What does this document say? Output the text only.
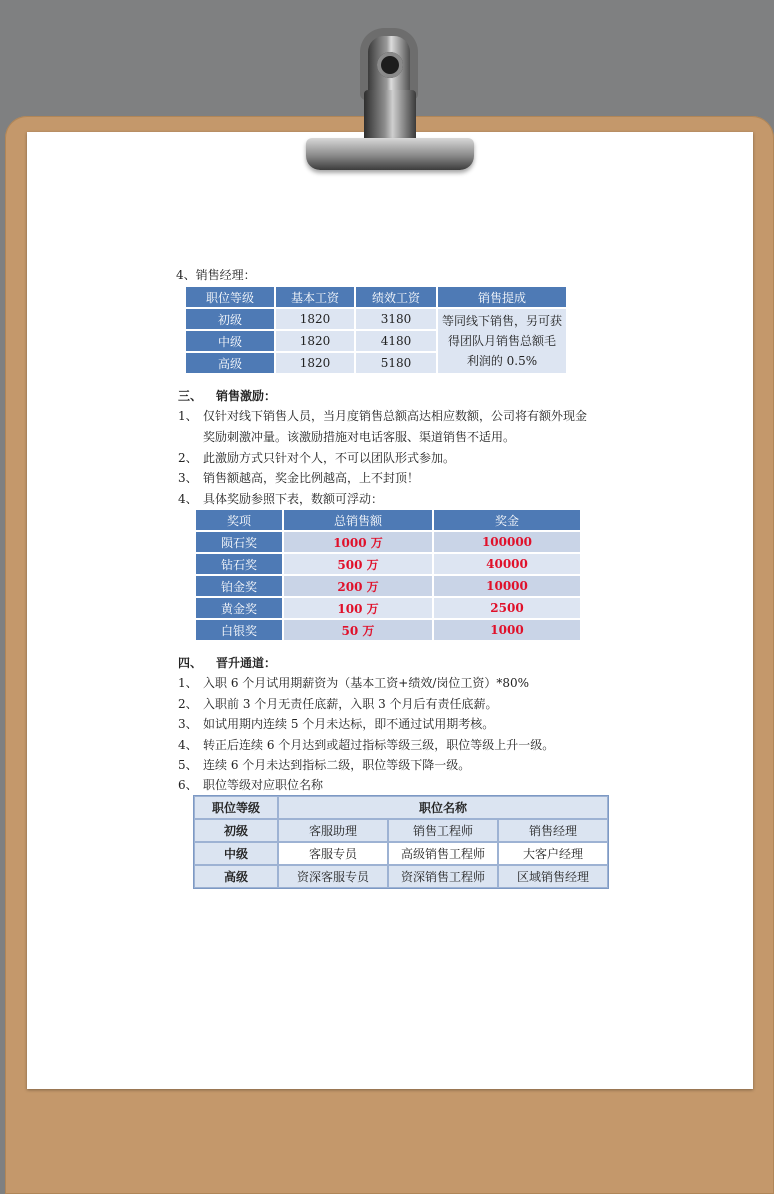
4、销售经理：
职位等级	基本工资	绩效工资	销售提成
初级	1820	3180	等同线下销售，另可获
得团队月销售总额毛
利润的 0.5%

中级	1820	4180	
高级	1820	5180	
三、 销售激励：
1、 仅针对线下销售人员，当月度销售总额高达相应数额，公司将有额外现金
奖励刺激冲量。该激励措施对电话客服、渠道销售不适用。
2、 此激励方式只针对个人，不可以团队形式参加。
3、 销售额越高，奖金比例越高，上不封顶！
4、 具体奖励参照下表，数额可浮动：
奖项	总销售额	奖金
陨石奖	1000 万	100000
钻石奖	500 万	40000
铂金奖	200 万	10000
黄金奖	100 万	2500
白银奖	50 万	1000
四、 晋升通道：
1、 入职 6 个月试用期薪资为（基本工资+绩效/岗位工资）*80%
2、 入职前 3 个月无责任底薪，入职 3 个月后有责任底薪。
3、 如试用期内连续 5 个月未达标，即不通过试用期考核。
4、 转正后连续 6 个月达到或超过指标等级三级，职位等级上升一级。
5、 连续 6 个月未达到指标二级，职位等级下降一级。
6、 职位等级对应职位名称
职位等级	职位名称		
初级	客服助理	销售工程师	销售经理
中级	客服专员	高级销售工程师	大客户经理
高级	资深客服专员	资深销售工程师	区域销售经理
